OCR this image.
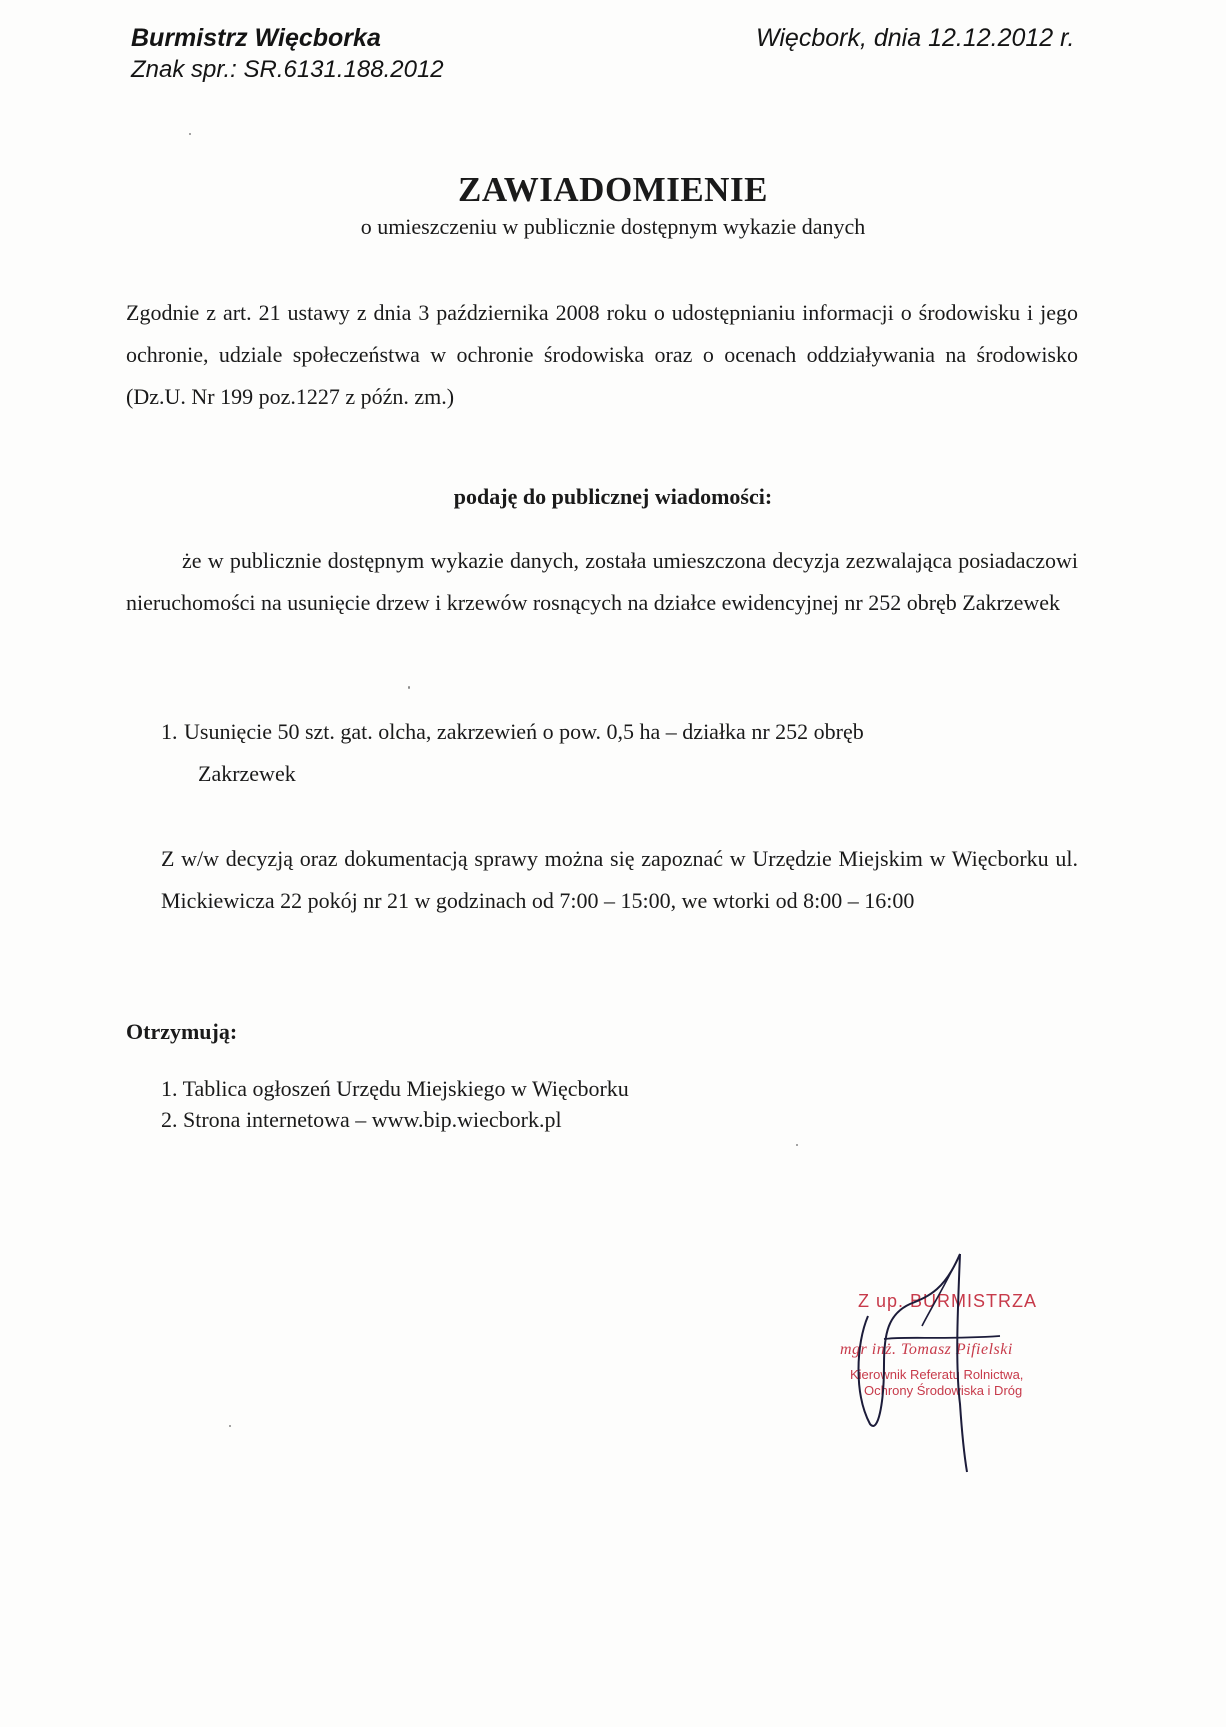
Burmistrz Więcborka
Znak spr.: SR.6131.188.2012
Więcbork, dnia 12.12.2012 r.
ZAWIADOMIENIE
o umieszczeniu w publicznie dostępnym wykazie danych
Zgodnie z art. 21 ustawy z dnia 3 października 2008 roku o udostępnianiu informacji o środowisku i jego ochronie, udziale społeczeństwa w ochronie środowiska oraz o ocenach oddziaływania na środowisko (Dz.U. Nr 199 poz.1227 z późn. zm.)
podaję do publicznej wiadomości:
że w publicznie dostępnym wykazie danych, została umieszczona decyzja zezwalająca posiadaczowi nieruchomości na usunięcie drzew i krzewów rosnących na działce ewidencyjnej nr 252 obręb Zakrzewek
1. Usunięcie 50 szt. gat. olcha, zakrzewień o pow. 0,5 ha – działka nr 252 obręb
Zakrzewek
Z w/w decyzją oraz dokumentacją sprawy można się zapoznać w Urzędzie Miejskim w Więcborku ul. Mickiewicza 22 pokój nr 21 w godzinach od 7:00 – 15:00, we wtorki od 8:00 – 16:00
Otrzymują:
1. Tablica ogłoszeń Urzędu Miejskiego w Więcborku
2. Strona internetowa – www.bip.wiecbork.pl
Z up. BURMISTRZA
mgr inż. Tomasz Pifielski
Kierownik Referatu Rolnictwa,
Ochrony Środowiska i Dróg
